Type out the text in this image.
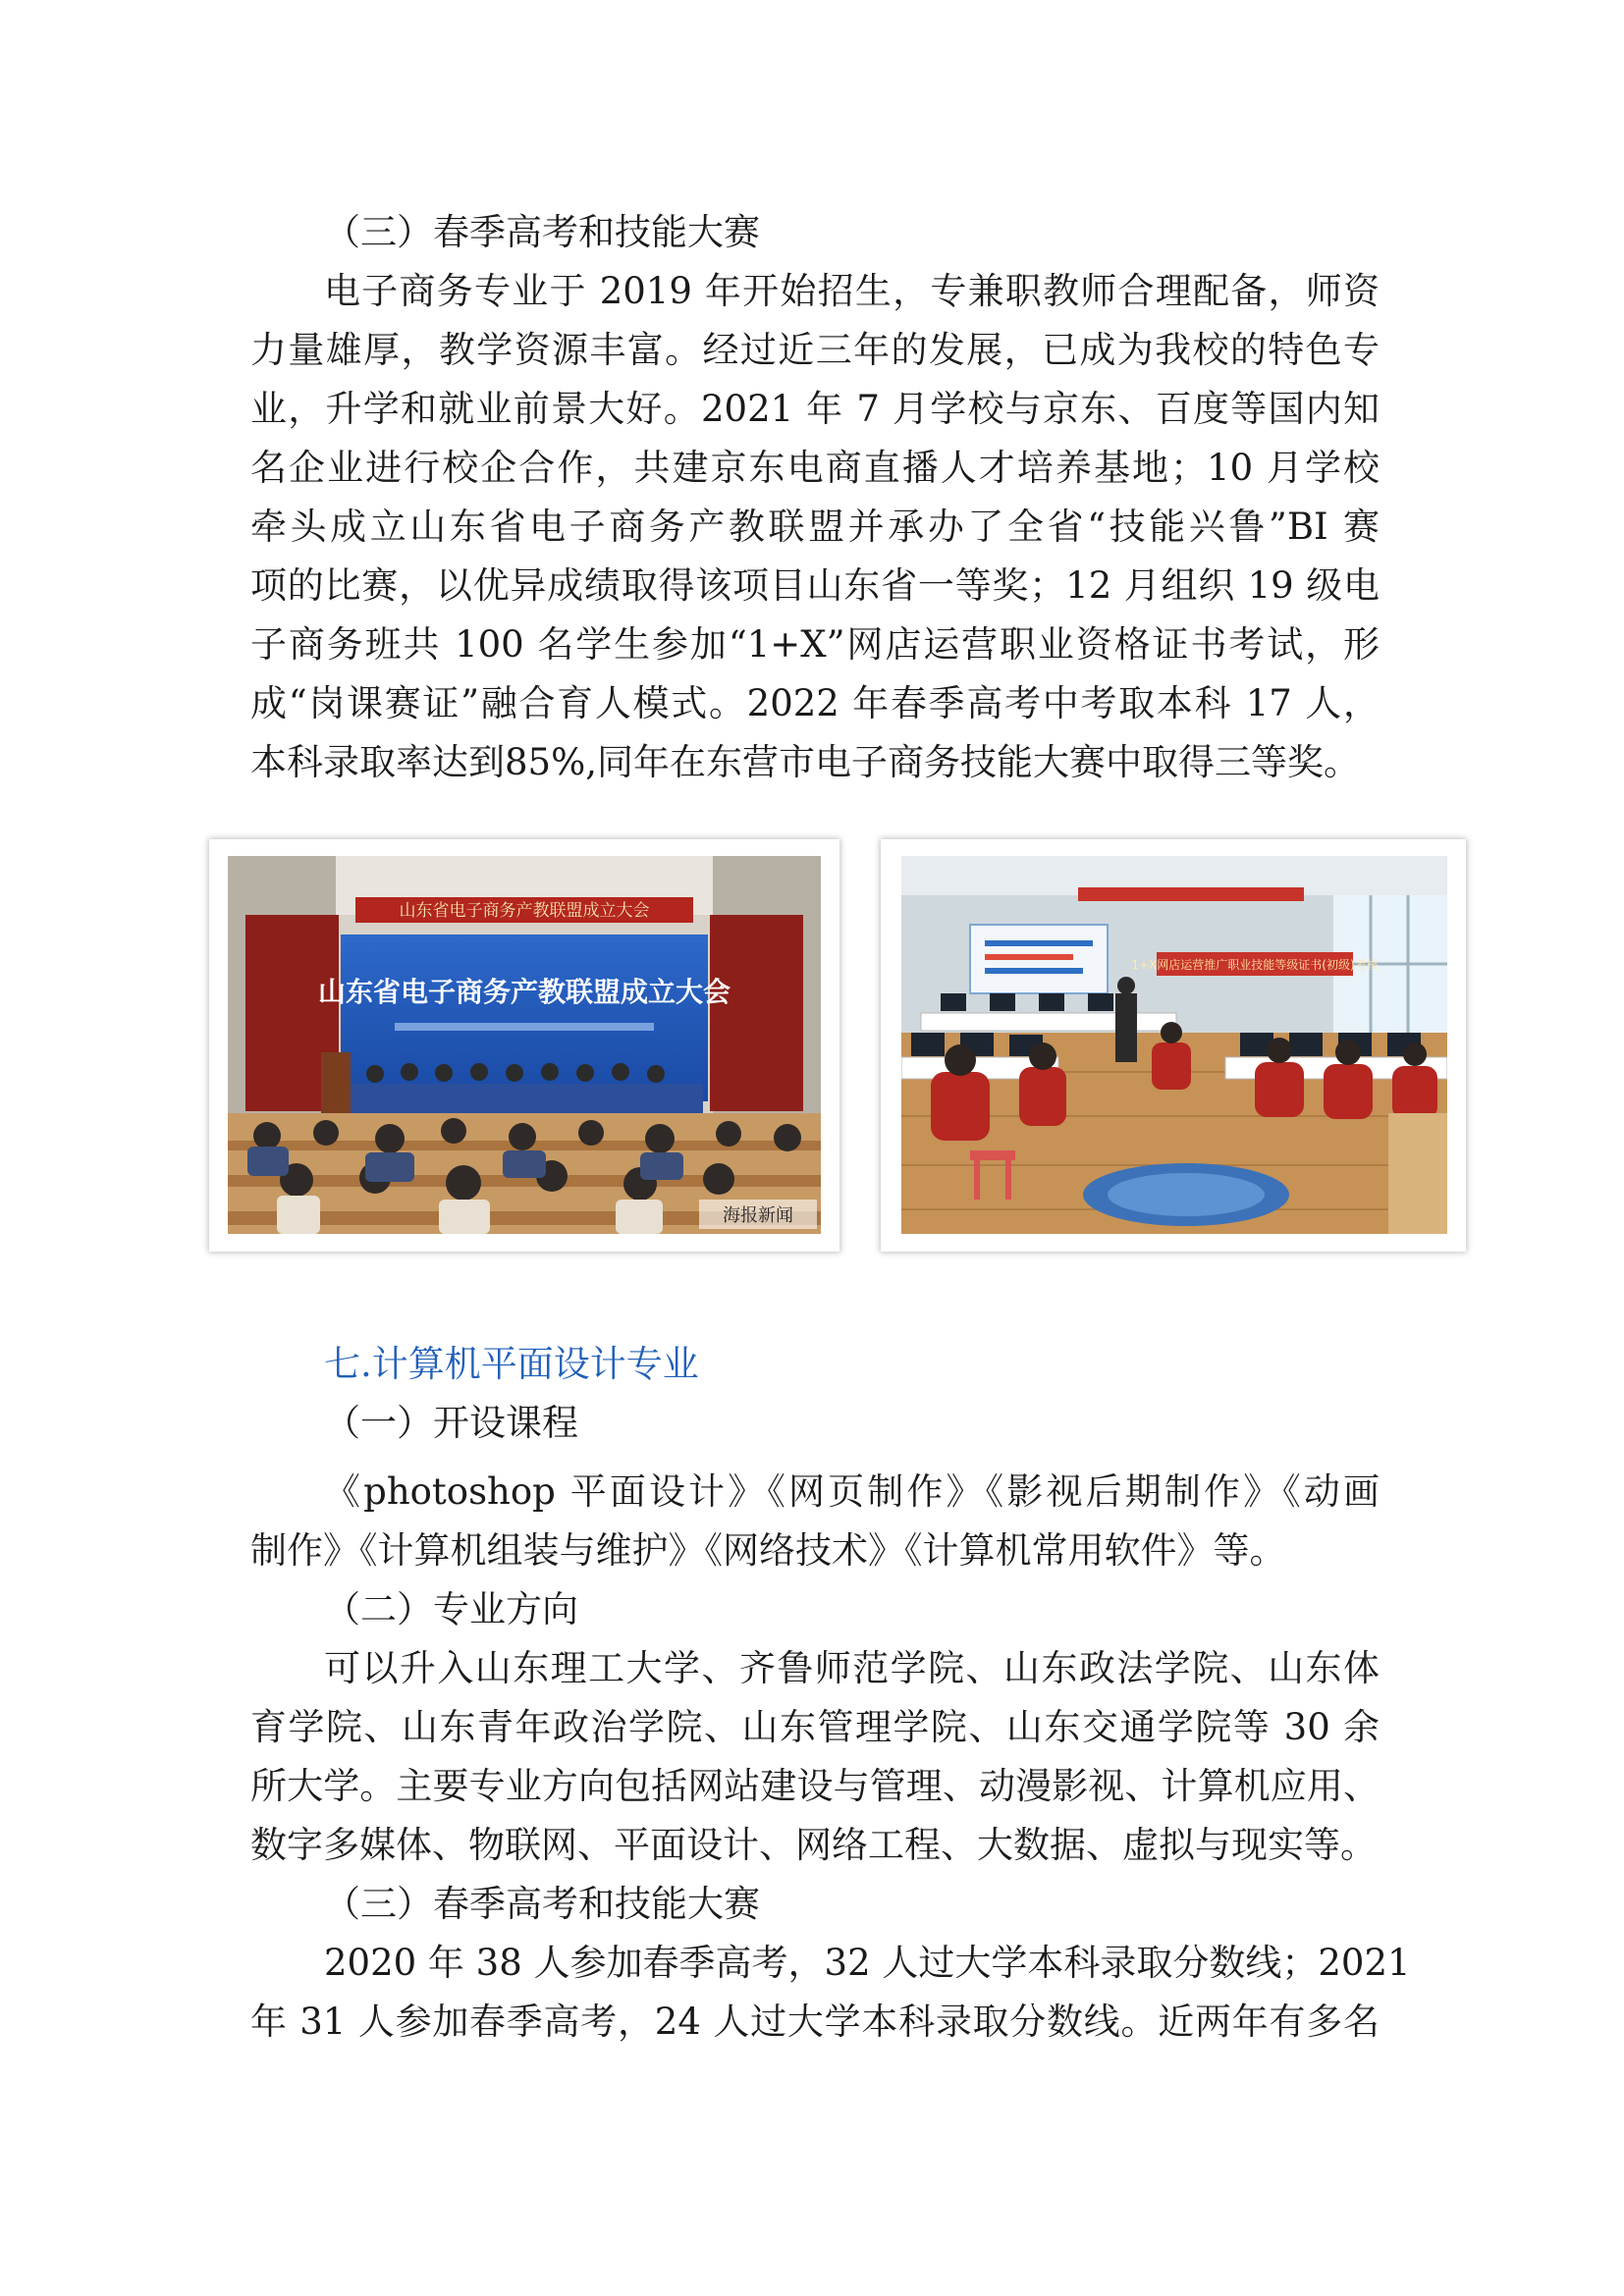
（三）春季高考和技能大赛
电子商务专业于 2019 年开始招生，专兼职教师合理配备，师资
力量雄厚，教学资源丰富。经过近三年的发展，已成为我校的特色专
业，升学和就业前景大好。2021 年 7 月学校与京东、百度等国内知
名企业进行校企合作，共建京东电商直播人才培养基地；10 月学校
牵头成立山东省电子商务产教联盟并承办了全省“技能兴鲁”BI 赛
项的比赛，以优异成绩取得该项目山东省一等奖；12 月组织 19 级电
子商务班共 100 名学生参加“1+X”网店运营职业资格证书考试，形
成“岗课赛证”融合育人模式。2022 年春季高考中考取本科 17 人，
本科录取率达到85%,同年在东营市电子商务技能大赛中取得三等奖。
山东省电子商务产教联盟成立大会
山东省电子商务产教联盟成立大会
海报新闻
1+X网店运营推广职业技能等级证书(初级)考核
七.计算机平面设计专业
（一）开设课程
《photoshop 平面设计》《网页制作》《影视后期制作》《动画
制作》《计算机组装与维护》《网络技术》《计算机常用软件》等。
（二）专业方向
可以升入山东理工大学、齐鲁师范学院、山东政法学院、山东体
育学院、山东青年政治学院、山东管理学院、山东交通学院等 30 余
所大学。主要专业方向包括网站建设与管理、动漫影视、计算机应用、
数字多媒体、物联网、平面设计、网络工程、大数据、虚拟与现实等。
（三）春季高考和技能大赛
2020 年 38 人参加春季高考，32 人过大学本科录取分数线；2021
年 31 人参加春季高考，24 人过大学本科录取分数线。近两年有多名
